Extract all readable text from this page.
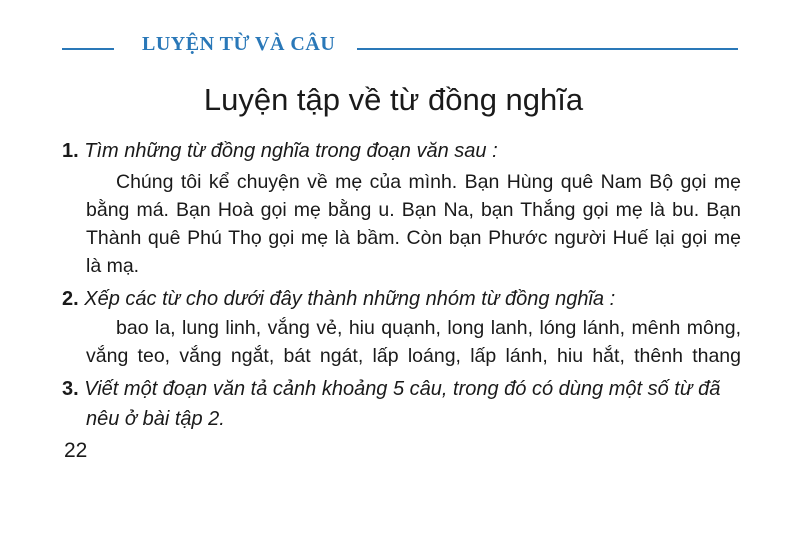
LUYỆN TỪ VÀ CÂU
Luyện tập về từ đồng nghĩa
1. Tìm những từ đồng nghĩa trong đoạn văn sau :
Chúng tôi kể chuyện về mẹ của mình. Bạn Hùng quê Nam Bộ gọi mẹ
bằng má. Bạn Hoà gọi mẹ bằng u. Bạn Na, bạn Thắng gọi mẹ là bu. Bạn
Thành quê Phú Thọ gọi mẹ là bầm. Còn bạn Phước người Huế lại gọi mẹ
là mạ.
2. Xếp các từ cho dưới đây thành những nhóm từ đồng nghĩa :
bao la, lung linh, vắng vẻ, hiu quạnh, long lanh, lóng lánh, mênh mông,
vắng teo, vắng ngắt, bát ngát, lấp loáng, lấp lánh, hiu hắt, thênh thang
3. Viết một đoạn văn tả cảnh khoảng 5 câu, trong đó có dùng một số từ đã
nêu ở bài tập 2.
22
